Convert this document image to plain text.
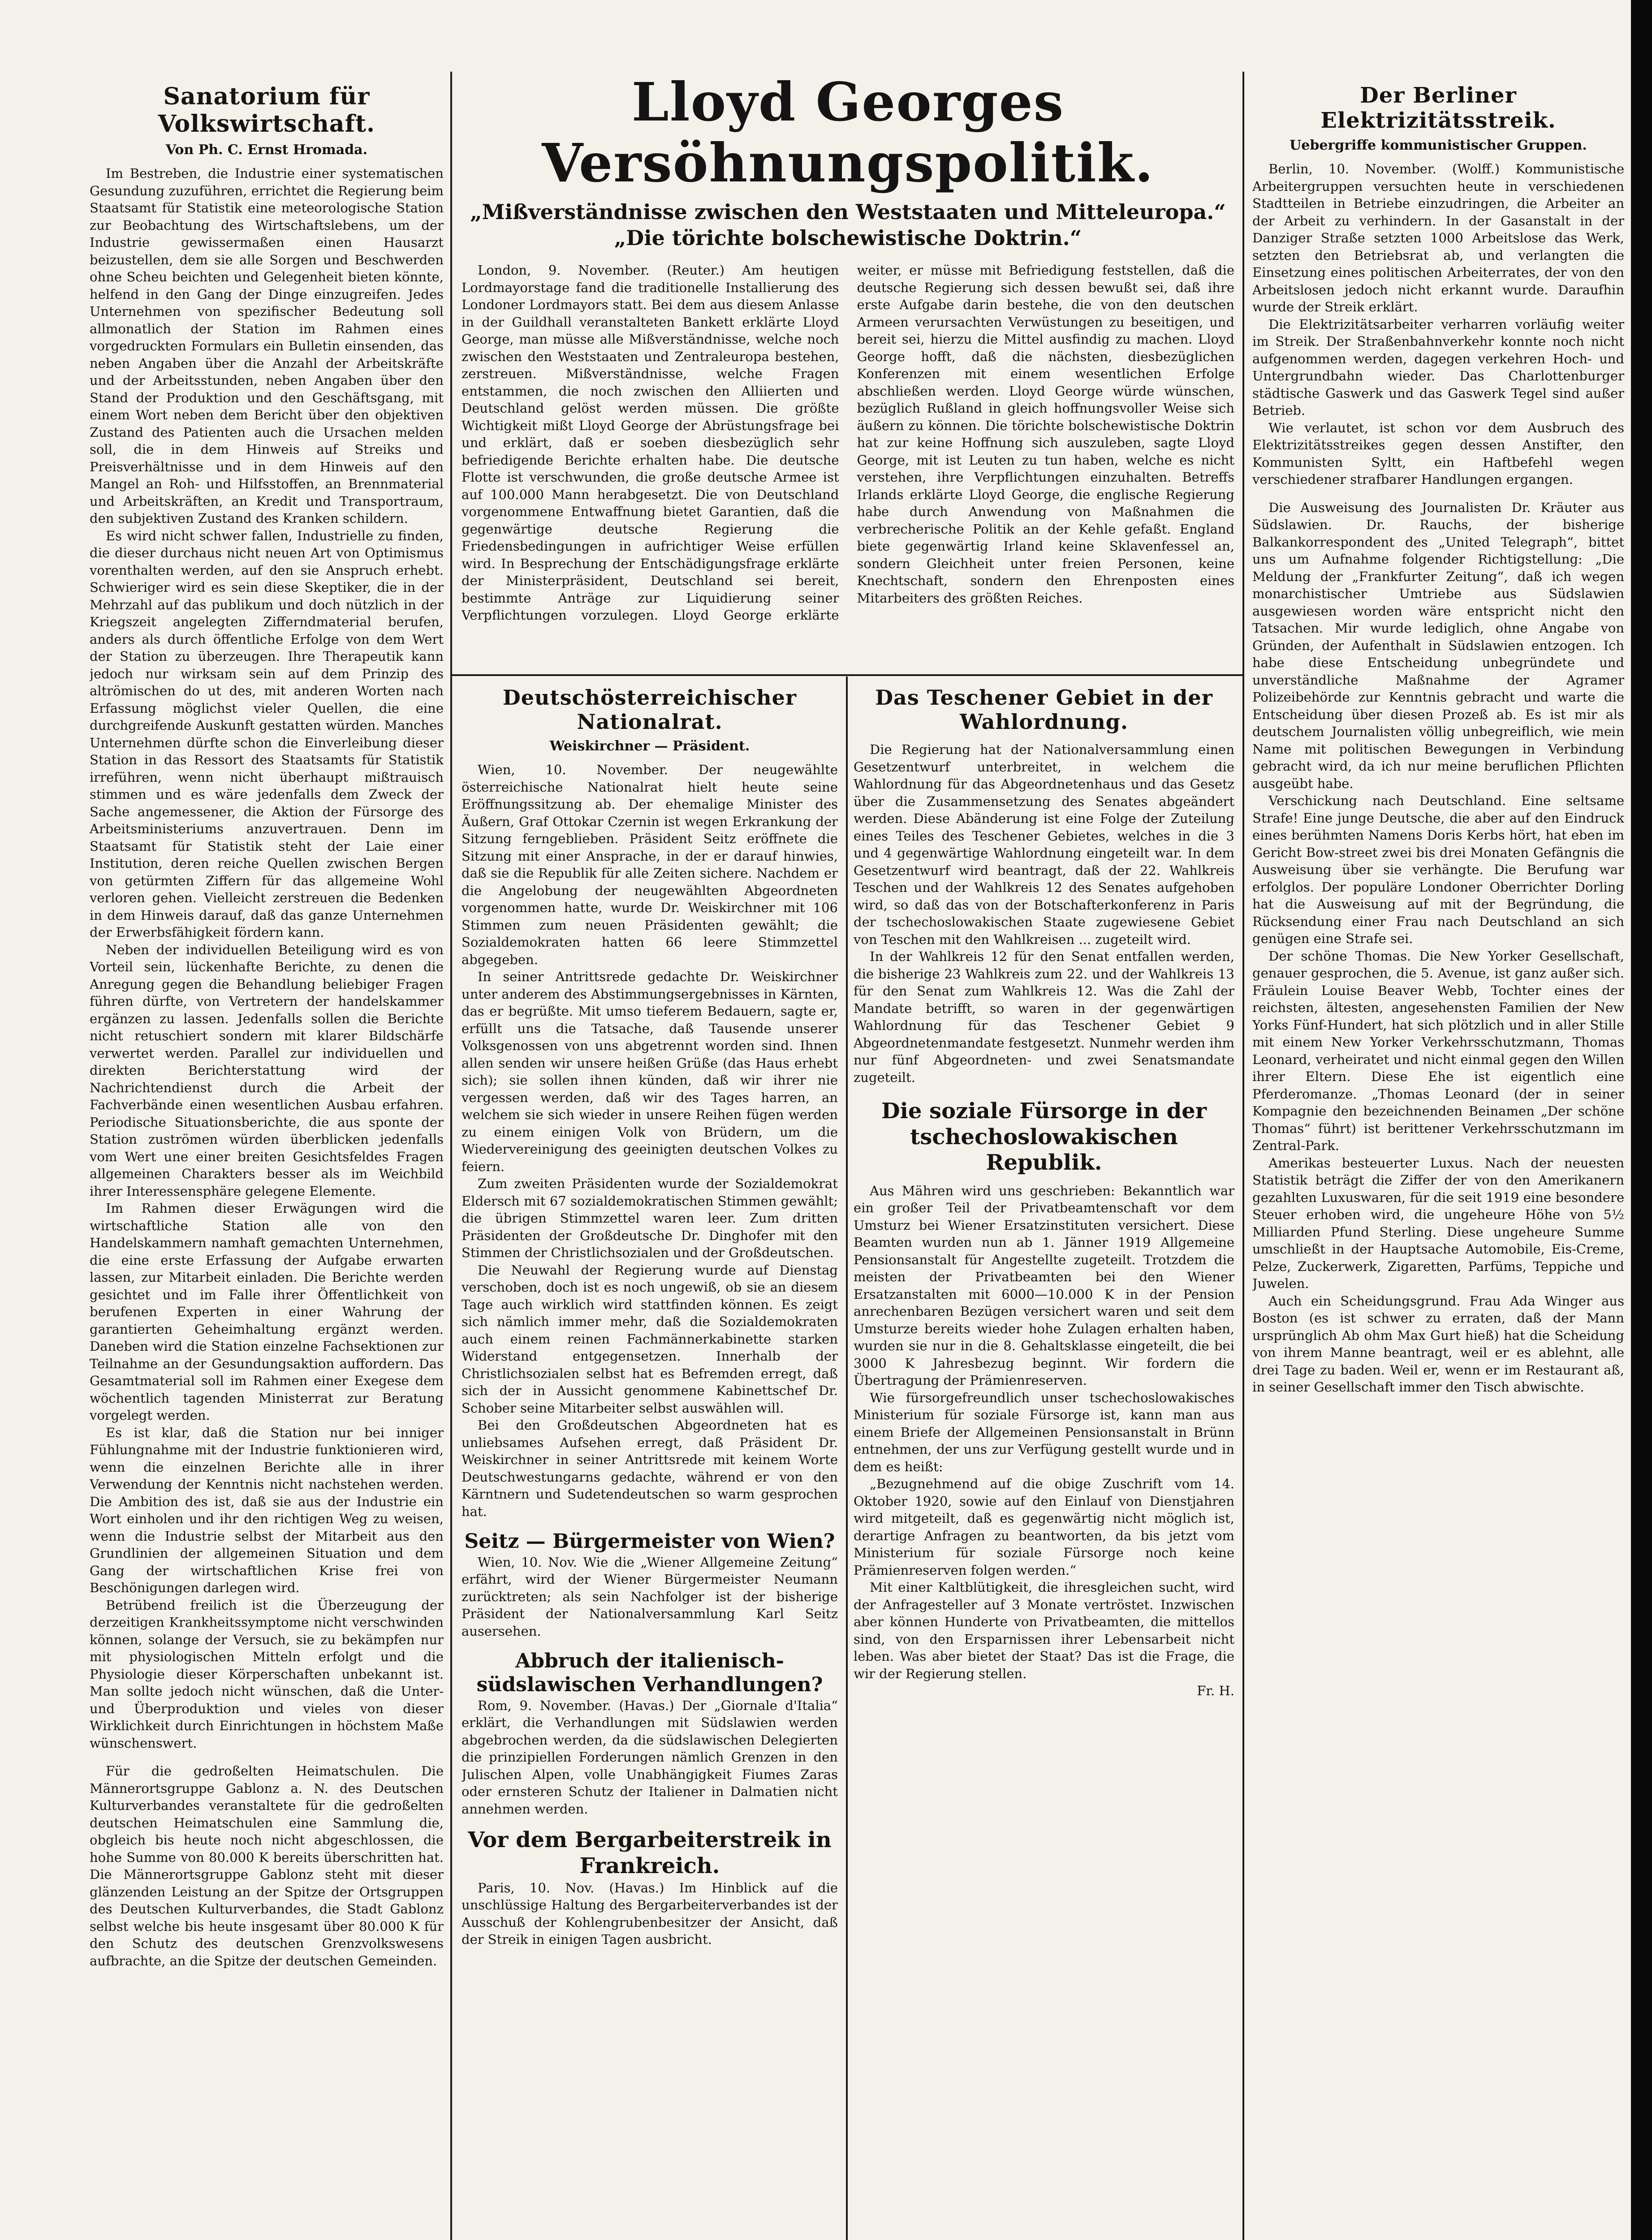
Sanatorium für Volkswirtschaft.
Von Ph. C. Ernst Hromada.

Im Bestreben, die Industrie einer systematischen Gesundung zuzuführen, errichtet die Regierung beim Staatsamt für Statistik eine meteorologische Station zur Beobachtung des Wirtschaftslebens, um der Industrie gewissermaßen einen Hausarzt beizustellen, dem sie alle Sorgen und Beschwerden ohne Scheu beichten und Gelegenheit bieten könnte, helfend in den Gang der Dinge einzugreifen. Jedes Unternehmen von spezifischer Bedeutung soll allmonatlich der Station im Rahmen eines vorgedruckten Formulars ein Bulletin einsenden, das neben Angaben über die Anzahl der Arbeitskräfte und der Arbeitsstunden, neben Angaben über den Stand der Produktion und den Geschäftsgang, mit einem Wort neben dem Bericht über den objektiven Zustand des Patienten auch die Ursachen melden soll, die in dem Hinweis auf Streiks und Preisverhältnisse und in dem Hinweis auf den Mangel an Roh- und Hilfsstoffen, an Brennmaterial und Arbeitskräften, an Kredit und Transportraum, den subjektiven Zustand des Kranken schildern.

Es wird nicht schwer fallen, Industrielle zu finden, die dieser durchaus nicht neuen Art von Optimismus vorenthalten werden, auf den sie Anspruch erhebt. Schwieriger wird es sein diese Skeptiker, die in der Mehrzahl auf das publikum und doch nützlich in der Kriegszeit angelegten Zifferndmaterial berufen, anders als durch öffentliche Erfolge von dem Wert der Station zu überzeugen. Ihre Therapeutik kann jedoch nur wirksam sein auf dem Prinzip des altrömischen do ut des, mit anderen Worten nach Erfassung möglichst vieler Quellen, die eine durchgreifende Auskunft gestatten würden. Manches Unternehmen dürfte schon die Einverleibung dieser Station in das Ressort des Staatsamts für Statistik irreführen, wenn nicht überhaupt mißtrauisch stimmen und es wäre jedenfalls dem Zweck der Sache angemessener, die Aktion der Fürsorge des Arbeitsministeriums anzuvertrauen. Denn im Staatsamt für Statistik steht der Laie einer Institution, deren reiche Quellen zwischen Bergen von getürmten Ziffern für das allgemeine Wohl verloren gehen. Vielleicht zerstreuen die Bedenken in dem Hinweis darauf, daß das ganze Unternehmen der Erwerbsfähigkeit fördern kann.

Neben der individuellen Beteiligung wird es von Vorteil sein, lückenhafte Berichte, zu denen die Anregung gegen die Behandlung beliebiger Fragen führen dürfte, von Vertretern der handelskammer ergänzen zu lassen. Jedenfalls sollen die Berichte nicht retuschiert sondern mit klarer Bildschärfe verwertet werden. Parallel zur individuellen und direkten Berichterstattung wird der Nachrichtendienst durch die Arbeit der Fachverbände einen wesentlichen Ausbau erfahren. Periodische Situationsberichte, die aus sponte der Station zuströmen würden überblicken jedenfalls vom Wert une einer breiten Gesichtsfeldes Fragen allgemeinen Charakters besser als im Weichbild ihrer Interessensphäre gelegene Elemente.

Im Rahmen dieser Erwägungen wird die wirtschaftliche Station alle von den Handelskammern namhaft gemachten Unternehmen, die eine erste Erfassung der Aufgabe erwarten lassen, zur Mitarbeit einladen. Die Berichte werden gesichtet und im Falle ihrer Öffentlichkeit von berufenen Experten in einer Wahrung der garantierten Geheimhaltung ergänzt werden. Daneben wird die Station einzelne Fachsektionen zur Teilnahme an der Gesundungsaktion auffordern. Das Gesamtmaterial soll im Rahmen einer Exegese dem wöchentlich tagenden Ministerrat zur Beratung vorgelegt werden.

Es ist klar, daß die Station nur bei inniger Fühlungnahme mit der Industrie funktionieren wird, wenn die einzelnen Berichte alle in ihrer Verwendung der Kenntnis nicht nachstehen werden. Die Ambition des ist, daß sie aus der Industrie ein Wort einholen und ihr den richtigen Weg zu weisen, wenn die Industrie selbst der Mitarbeit aus den Grundlinien der allgemeinen Situation und dem Gang der wirtschaftlichen Krise frei von Beschönigungen darlegen wird.

Betrübend freilich ist die Überzeugung der derzeitigen Krankheitssymptome nicht verschwinden können, solange der Versuch, sie zu bekämpfen nur mit physiologischen Mitteln erfolgt und die Physiologie dieser Körperschaften unbekannt ist. Man sollte jedoch nicht wünschen, daß die Unter- und Überproduktion und vieles von dieser Wirklichkeit durch Einrichtungen in höchstem Maße wünschenswert.

Für die gedroßelten Heimatschulen. Die Männerortsgruppe Gablonz a. N. des Deutschen Kulturverbandes veranstaltete für die gedroßelten deutschen Heimatschulen eine Sammlung die, obgleich bis heute noch nicht abgeschlossen, die hohe Summe von 80.000 K bereits überschritten hat. Die Männerortsgruppe Gablonz steht mit dieser glänzenden Leistung an der Spitze der Ortsgruppen des Deutschen Kulturverbandes, die Stadt Gablonz selbst welche bis heute insgesamt über 80.000 K für den Schutz des deutschen Grenzvolkswesens aufbrachte, an die Spitze der deutschen Gemeinden.

Lloyd Georges Versöhnungspolitik.
„Mißverständnisse zwischen den Weststaaten und Mitteleuropa.“
„Die törichte bolschewistische Doktrin.“

London, 9. November. (Reuter.) Am heutigen Lordmayorstage fand die traditionelle Installierung des Londoner Lordmayors statt. Bei dem aus diesem Anlasse in der Guildhall veranstalteten Bankett erklärte Lloyd George, man müsse alle Mißverständnisse, welche noch zwischen den Weststaaten und Zentraleuropa bestehen, zerstreuen. Mißverständnisse, welche Fragen entstammen, die noch zwischen den Alliierten und Deutschland gelöst werden müssen. Die größte Wichtigkeit mißt Lloyd George der Abrüstungsfrage bei und erklärt, daß er soeben diesbezüglich sehr befriedigende Berichte erhalten habe. Die deutsche Flotte ist verschwunden, die große deutsche Armee ist auf 100.000 Mann herabgesetzt. Die von Deutschland vorgenommene Entwaffnung bietet Garantien, daß die gegenwärtige deutsche Regierung die Friedensbedingungen in aufrichtiger Weise erfüllen wird. In Besprechung der Entschädigungsfrage erklärte der Ministerpräsident, Deutschland sei bereit, bestimmte Anträge zur Liquidierung seiner Verpflichtungen vorzulegen. Lloyd George erklärte weiter, er müsse mit Befriedigung feststellen, daß die deutsche Regierung sich dessen bewußt sei, daß ihre erste Aufgabe darin bestehe, die von den deutschen Armeen verursachten Verwüstungen zu beseitigen, und bereit sei, hierzu die Mittel ausfindig zu machen. Lloyd George hofft, daß die nächsten, diesbezüglichen Konferenzen mit einem wesentlichen Erfolge abschließen werden. Lloyd George würde wünschen, bezüglich Rußland in gleich hoffnungsvoller Weise sich äußern zu können. Die törichte bolschewistische Doktrin hat zur keine Hoffnung sich auszuleben, sagte Lloyd George, mit ist Leuten zu tun haben, welche es nicht verstehen, ihre Verpflichtungen einzuhalten. Betreffs Irlands erklärte Lloyd George, die englische Regierung habe durch Anwendung von Maßnahmen die verbrecherische Politik an der Kehle gefaßt. England biete gegenwärtig Irland keine Sklavenfessel an, sondern Gleichheit unter freien Personen, keine Knechtschaft, sondern den Ehrenposten eines Mitarbeiters des größten Reiches.

Deutschösterreichischer Nationalrat.
Weiskirchner — Präsident.

Wien, 10. November. Der neugewählte österreichische Nationalrat hielt heute seine Eröffnungssitzung ab. Der ehemalige Minister des Äußern, Graf Ottokar Czernin ist wegen Erkrankung der Sitzung ferngeblieben. Präsident Seitz eröffnete die Sitzung mit einer Ansprache, in der er darauf hinwies, daß sie die Republik für alle Zeiten sichere. Nachdem er die Angelobung der neugewählten Abgeordneten vorgenommen hatte, wurde Dr. Weiskirchner mit 106 Stimmen zum neuen Präsidenten gewählt; die Sozialdemokraten hatten 66 leere Stimmzettel abgegeben.

In seiner Antrittsrede gedachte Dr. Weiskirchner unter anderem des Abstimmungsergebnisses in Kärnten, das er begrüßte. Mit umso tieferem Bedauern, sagte er, erfüllt uns die Tatsache, daß Tausende unserer Volksgenossen von uns abgetrennt worden sind. Ihnen allen senden wir unsere heißen Grüße (das Haus erhebt sich); sie sollen ihnen künden, daß wir ihrer nie vergessen werden, daß wir des Tages harren, an welchem sie sich wieder in unsere Reihen fügen werden zu einem einigen Volk von Brüdern, um die Wiedervereinigung des geeinigten deutschen Volkes zu feiern.

Zum zweiten Präsidenten wurde der Sozialdemokrat Eldersch mit 67 sozialdemokratischen Stimmen gewählt; die übrigen Stimmzettel waren leer. Zum dritten Präsidenten der Großdeutsche Dr. Dinghofer mit den Stimmen der Christlichsozialen und der Großdeutschen.

Die Neuwahl der Regierung wurde auf Dienstag verschoben, doch ist es noch ungewiß, ob sie an diesem Tage auch wirklich wird stattfinden können. Es zeigt sich nämlich immer mehr, daß die Sozialdemokraten auch einem reinen Fachmännerkabinette starken Widerstand entgegensetzen. Innerhalb der Christlichsozialen selbst hat es Befremden erregt, daß sich der in Aussicht genommene Kabinettschef Dr. Schober seine Mitarbeiter selbst auswählen will.

Bei den Großdeutschen Abgeordneten hat es unliebsames Aufsehen erregt, daß Präsident Dr. Weiskirchner in seiner Antrittsrede mit keinem Worte Deutschwestungarns gedachte, während er von den Kärntnern und Sudetendeutschen so warm gesprochen hat.

Seitz — Bürgermeister von Wien?

Wien, 10. Nov. Wie die „Wiener Allgemeine Zeitung“ erfährt, wird der Wiener Bürgermeister Neumann zurücktreten; als sein Nachfolger ist der bisherige Präsident der Nationalversammlung Karl Seitz ausersehen.

Abbruch der italienisch-südslawischen Verhandlungen?

Rom, 9. November. (Havas.) Der „Giornale d'Italia“ erklärt, die Verhandlungen mit Südslawien werden abgebrochen werden, da die südslawischen Delegierten die prinzipiellen Forderungen nämlich Grenzen in den Julischen Alpen, volle Unabhängigkeit Fiumes Zaras oder ernsteren Schutz der Italiener in Dalmatien nicht annehmen werden.

Vor dem Bergarbeiterstreik in Frankreich.

Paris, 10. Nov. (Havas.) Im Hinblick auf die unschlüssige Haltung des Bergarbeiterverbandes ist der Ausschuß der Kohlengrubenbesitzer der Ansicht, daß der Streik in einigen Tagen ausbricht.

Das Teschener Gebiet in der Wahlordnung.

Die Regierung hat der Nationalversammlung einen Gesetzentwurf unterbreitet, in welchem die Wahlordnung für das Abgeordnetenhaus und das Gesetz über die Zusammensetzung des Senates abgeändert werden. Diese Abänderung ist eine Folge der Zuteilung eines Teiles des Teschener Gebietes, welches in die 3 und 4 gegenwärtige Wahlordnung eingeteilt war. In dem Gesetzentwurf wird beantragt, daß der 22. Wahlkreis Teschen und der Wahlkreis 12 des Senates aufgehoben wird, so daß das von der Botschafterkonferenz in Paris der tschechoslowakischen Staate zugewiesene Gebiet von Teschen mit den Wahlkreisen ... zugeteilt wird.

In der Wahlkreis 12 für den Senat entfallen werden, die bisherige 23 Wahlkreis zum 22. und der Wahlkreis 13 für den Senat zum Wahlkreis 12. Was die Zahl der Mandate betrifft, so waren in der gegenwärtigen Wahlordnung für das Teschener Gebiet 9 Abgeordnetenmandate festgesetzt. Nunmehr werden ihm nur fünf Abgeordneten- und zwei Senatsmandate zugeteilt.

Die soziale Fürsorge in der tschechoslowakischen Republik.

Aus Mähren wird uns geschrieben: Bekanntlich war ein großer Teil der Privatbeamtenschaft vor dem Umsturz bei Wiener Ersatzinstituten versichert. Diese Beamten wurden nun ab 1. Jänner 1919 Allgemeine Pensionsanstalt für Angestellte zugeteilt. Trotzdem die meisten der Privatbeamten bei den Wiener Ersatzanstalten mit 6000—10.000 K in der Pension anrechenbaren Bezügen versichert waren und seit dem Umsturze bereits wieder hohe Zulagen erhalten haben, wurden sie nur in die 8. Gehaltsklasse eingeteilt, die bei 3000 K Jahresbezug beginnt. Wir fordern die Übertragung der Prämienreserven.

Wie fürsorgefreundlich unser tschechoslowakisches Ministerium für soziale Fürsorge ist, kann man aus einem Briefe der Allgemeinen Pensionsanstalt in Brünn entnehmen, der uns zur Verfügung gestellt wurde und in dem es heißt:

„Bezugnehmend auf die obige Zuschrift vom 14. Oktober 1920, sowie auf den Einlauf von Dienstjahren wird mitgeteilt, daß es gegenwärtig nicht möglich ist, derartige Anfragen zu beantworten, da bis jetzt vom Ministerium für soziale Fürsorge noch keine Prämienreserven folgen werden.“

Mit einer Kaltblütigkeit, die ihresgleichen sucht, wird der Anfragesteller auf 3 Monate vertröstet. Inzwischen aber können Hunderte von Privatbeamten, die mittellos sind, von den Ersparnissen ihrer Lebensarbeit nicht leben. Was aber bietet der Staat? Das ist die Frage, die wir der Regierung stellen.

Fr. H.

Der Berliner Elektrizitätsstreik.
Uebergriffe kommunistischer Gruppen.

Berlin, 10. November. (Wolff.) Kommunistische Arbeitergruppen versuchten heute in verschiedenen Stadtteilen in Betriebe einzudringen, die Arbeiter an der Arbeit zu verhindern. In der Gasanstalt in der Danziger Straße setzten 1000 Arbeitslose das Werk, setzten den Betriebsrat ab, und verlangten die Einsetzung eines politischen Arbeiterrates, der von den Arbeitslosen jedoch nicht erkannt wurde. Daraufhin wurde der Streik erklärt.

Die Elektrizitätsarbeiter verharren vorläufig weiter im Streik. Der Straßenbahnverkehr konnte noch nicht aufgenommen werden, dagegen verkehren Hoch- und Untergrundbahn wieder. Das Charlottenburger städtische Gaswerk und das Gaswerk Tegel sind außer Betrieb.

Wie verlautet, ist schon vor dem Ausbruch des Elektrizitätsstreikes gegen dessen Anstifter, den Kommunisten Syltt, ein Haftbefehl wegen verschiedener strafbarer Handlungen ergangen.

Die Ausweisung des Journalisten Dr. Kräuter aus Südslawien. Dr. Rauchs, der bisherige Balkankorrespondent des „United Telegraph“, bittet uns um Aufnahme folgender Richtigstellung: „Die Meldung der „Frankfurter Zeitung“, daß ich wegen monarchistischer Umtriebe aus Südslawien ausgewiesen worden wäre entspricht nicht den Tatsachen. Mir wurde lediglich, ohne Angabe von Gründen, der Aufenthalt in Südslawien entzogen. Ich habe diese Entscheidung unbegründete und unverständliche Maßnahme der Agramer Polizeibehörde zur Kenntnis gebracht und warte die Entscheidung über diesen Prozeß ab. Es ist mir als deutschem Journalisten völlig unbegreiflich, wie mein Name mit politischen Bewegungen in Verbindung gebracht wird, da ich nur meine beruflichen Pflichten ausgeübt habe.

Verschickung nach Deutschland. Eine seltsame Strafe! Eine junge Deutsche, die aber auf den Eindruck eines berühmten Namens Doris Kerbs hört, hat eben im Gericht Bow-street zwei bis drei Monaten Gefängnis die Ausweisung über sie verhängte. Die Berufung war erfolglos. Der populäre Londoner Oberrichter Dorling hat die Ausweisung auf mit der Begründung, die Rücksendung einer Frau nach Deutschland an sich genügen eine Strafe sei.

Der schöne Thomas. Die New Yorker Gesellschaft, genauer gesprochen, die 5. Avenue, ist ganz außer sich. Fräulein Louise Beaver Webb, Tochter eines der reichsten, ältesten, angesehensten Familien der New Yorks Fünf-Hundert, hat sich plötzlich und in aller Stille mit einem New Yorker Verkehrsschutzmann, Thomas Leonard, verheiratet und nicht einmal gegen den Willen ihrer Eltern. Diese Ehe ist eigentlich eine Pferderomanze. „Thomas Leonard (der in seiner Kompagnie den bezeichnenden Beinamen „Der schöne Thomas“ führt) ist berittener Verkehrsschutzmann im Zentral-Park.

Amerikas besteuerter Luxus. Nach der neuesten Statistik beträgt die Ziffer der von den Amerikanern gezahlten Luxuswaren, für die seit 1919 eine besondere Steuer erhoben wird, die ungeheure Höhe von 5½ Milliarden Pfund Sterling. Diese ungeheure Summe umschließt in der Hauptsache Automobile, Eis-Creme, Pelze, Zuckerwerk, Zigaretten, Parfüms, Teppiche und Juwelen.

Auch ein Scheidungsgrund. Frau Ada Winger aus Boston (es ist schwer zu erraten, daß der Mann ursprünglich Ab ohm Max Gurt hieß) hat die Scheidung von ihrem Manne beantragt, weil er es ablehnt, alle drei Tage zu baden. Weil er, wenn er im Restaurant aß, in seiner Gesellschaft immer den Tisch abwischte.
